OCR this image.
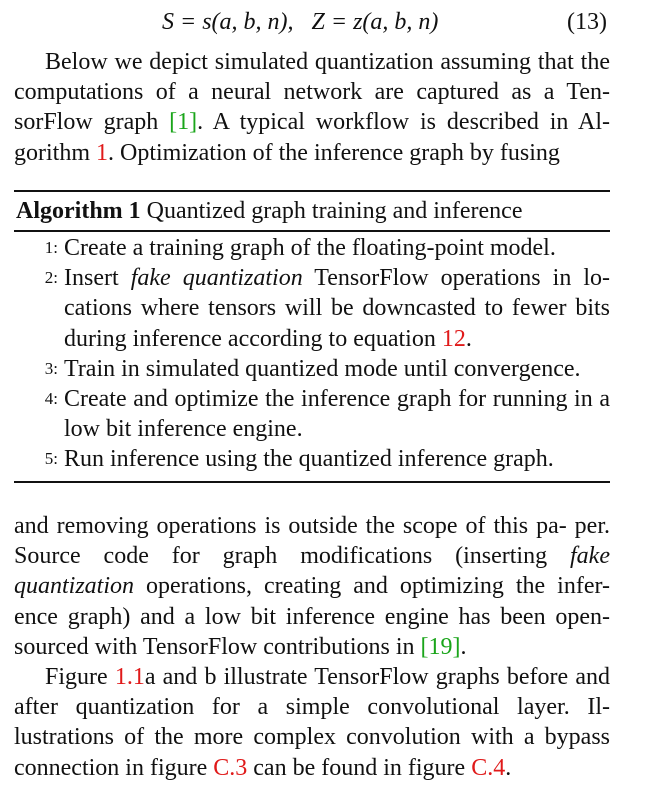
S = s(a, b, n),   Z = z(a, b, n)	(13)
Below we depict simulated quantization assuming that the computations of a neural network are captured as a Ten- sorFlow graph [1]. A typical workflow is described in Al- gorithm 1. Optimization of the inference graph by fusing
Algorithm 1 Quantized graph training and inference
1: Create a training graph of the floating-point model.
2: Insert fake quantization TensorFlow operations in lo- cations where tensors will be downcasted to fewer bits during inference according to equation 12.
3: Train in simulated quantized mode until convergence.
4: Create and optimize the inference graph for running in a low bit inference engine.
5: Run inference using the quantized inference graph.
and removing operations is outside the scope of this pa- per. Source code for graph modifications (inserting fake quantization operations, creating and optimizing the infer- ence graph) and a low bit inference engine has been open- sourced with TensorFlow contributions in [19].
Figure 1.1a and b illustrate TensorFlow graphs before and after quantization for a simple convolutional layer. Il- lustrations of the more complex convolution with a bypass connection in figure C.3 can be found in figure C.4.
